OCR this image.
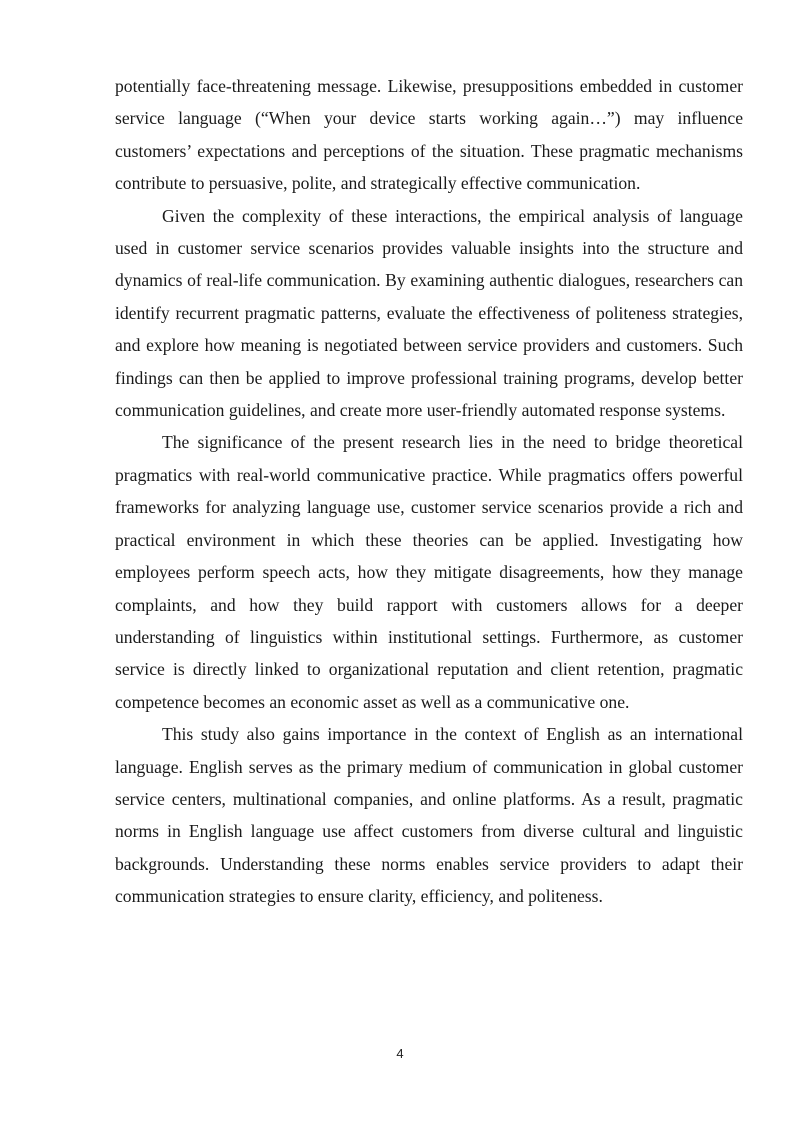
potentially face-threatening message. Likewise, presuppositions embedded in customer service language (“When your device starts working again…”) may influence customers’ expectations and perceptions of the situation. These pragmatic mechanisms contribute to persuasive, polite, and strategically effective communication.

Given the complexity of these interactions, the empirical analysis of language used in customer service scenarios provides valuable insights into the structure and dynamics of real-life communication. By examining authentic dialogues, researchers can identify recurrent pragmatic patterns, evaluate the effectiveness of politeness strategies, and explore how meaning is negotiated between service providers and customers. Such findings can then be applied to improve professional training programs, develop better communication guidelines, and create more user-friendly automated response systems.

The significance of the present research lies in the need to bridge theoretical pragmatics with real-world communicative practice. While pragmatics offers powerful frameworks for analyzing language use, customer service scenarios provide a rich and practical environment in which these theories can be applied. Investigating how employees perform speech acts, how they mitigate disagreements, how they manage complaints, and how they build rapport with customers allows for a deeper understanding of linguistics within institutional settings. Furthermore, as customer service is directly linked to organizational reputation and client retention, pragmatic competence becomes an economic asset as well as a communicative one.

This study also gains importance in the context of English as an international language. English serves as the primary medium of communication in global customer service centers, multinational companies, and online platforms. As a result, pragmatic norms in English language use affect customers from diverse cultural and linguistic backgrounds. Understanding these norms enables service providers to adapt their communication strategies to ensure clarity, efficiency, and politeness.

4
